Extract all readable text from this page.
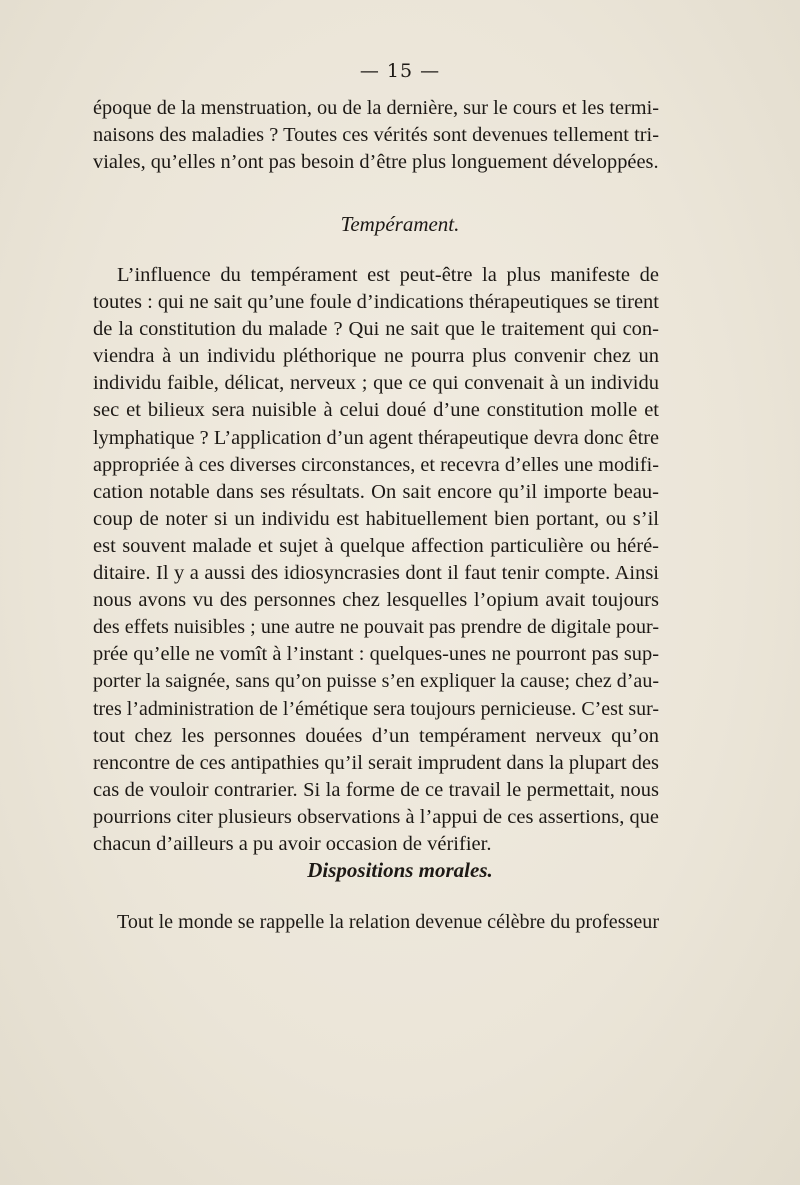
— 15 —
époque de la menstruation, ou de la dernière, sur le cours et les termi-
naisons des maladies ? Toutes ces vérités sont devenues tellement tri-
viales, qu’elles n’ont pas besoin d’être plus longuement développées.
Tempérament.
L’influence du tempérament est peut-être la plus manifeste de
toutes : qui ne sait qu’une foule d’indications thérapeutiques se tirent
de la constitution du malade ? Qui ne sait que le traitement qui con-
viendra à un individu pléthorique ne pourra plus convenir chez un
individu faible, délicat, nerveux ; que ce qui convenait à un individu
sec et bilieux sera nuisible à celui doué d’une constitution molle et
lymphatique ? L’application d’un agent thérapeutique devra donc être
appropriée à ces diverses circonstances, et recevra d’elles une modifi-
cation notable dans ses résultats. On sait encore qu’il importe beau-
coup de noter si un individu est habituellement bien portant, ou s’il
est souvent malade et sujet à quelque affection particulière ou héré-
ditaire. Il y a aussi des idiosyncrasies dont il faut tenir compte. Ainsi
nous avons vu des personnes chez lesquelles l’opium avait toujours
des effets nuisibles ; une autre ne pouvait pas prendre de digitale pour-
prée qu’elle ne vomît à l’instant : quelques-unes ne pourront pas sup-
porter la saignée, sans qu’on puisse s’en expliquer la cause; chez d’au-
tres l’administration de l’émétique sera toujours pernicieuse. C’est sur-
tout chez les personnes douées d’un tempérament nerveux qu’on
rencontre de ces antipathies qu’il serait imprudent dans la plupart des
cas de vouloir contrarier. Si la forme de ce travail le permettait, nous
pourrions citer plusieurs observations à l’appui de ces assertions, que
chacun d’ailleurs a pu avoir occasion de vérifier.
Dispositions morales.
Tout le monde se rappelle la relation devenue célèbre du professeur
